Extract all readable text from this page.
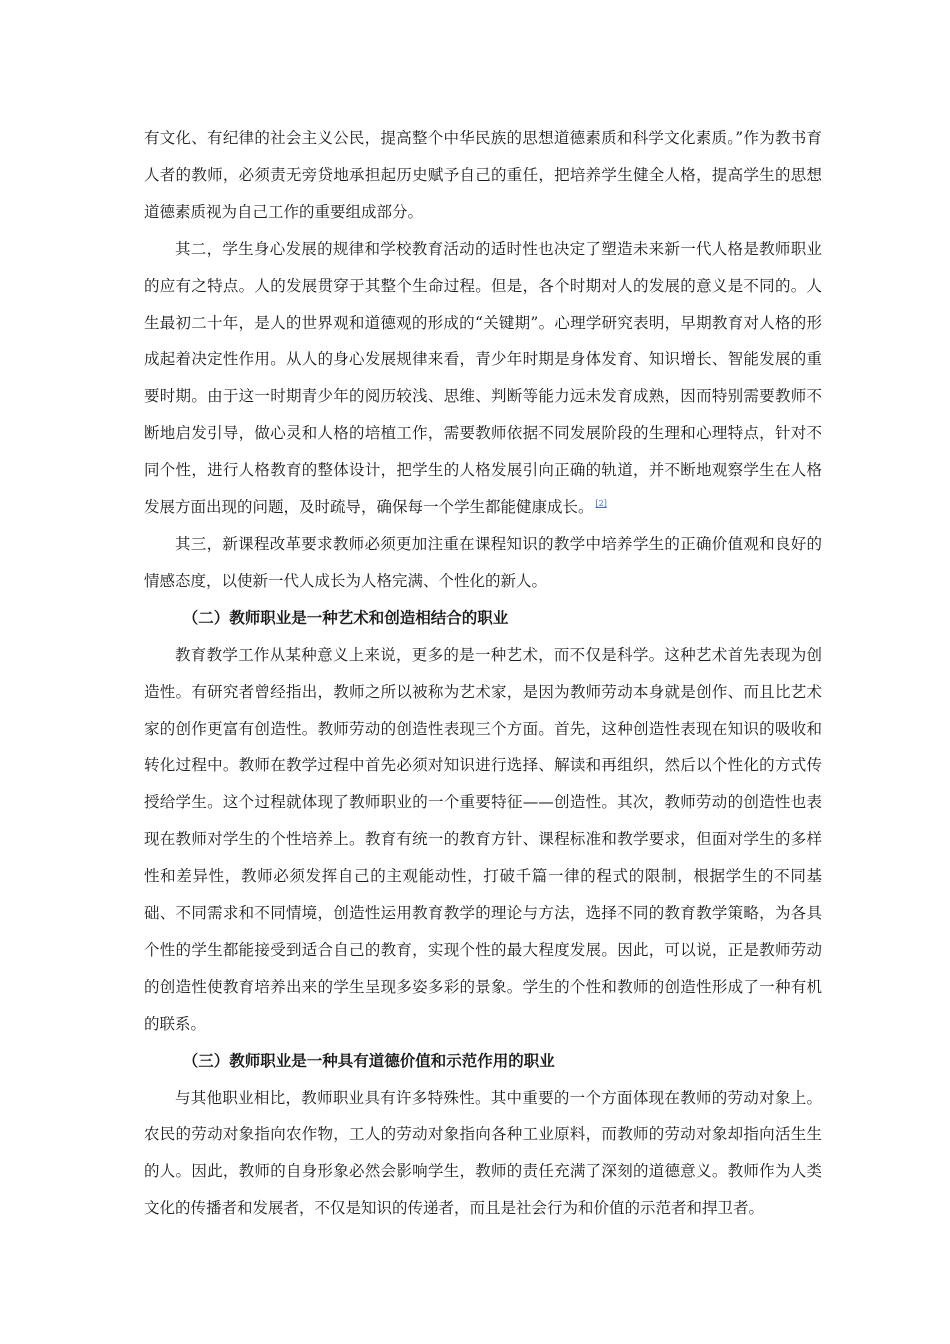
有文化、有纪律的社会主义公民，提高整个中华民族的思想道德素质和科学文化素质。”作为教书育人者的教师，必须责无旁贷地承担起历史赋予自己的重任，把培养学生健全人格，提高学生的思想道德素质视为自己工作的重要组成部分。

其二，学生身心发展的规律和学校教育活动的适时性也决定了塑造未来新一代人格是教师职业的应有之特点。人的发展贯穿于其整个生命过程。但是，各个时期对人的发展的意义是不同的。人生最初二十年，是人的世界观和道德观的形成的“关键期”。心理学研究表明，早期教育对人格的形成起着决定性作用。从人的身心发展规律来看，青少年时期是身体发育、知识增长、智能发展的重要时期。由于这一时期青少年的阅历较浅、思维、判断等能力远未发育成熟，因而特别需要教师不断地启发引导，做心灵和人格的培植工作，需要教师依据不同发展阶段的生理和心理特点，针对不同个性，进行人格教育的整体设计，把学生的人格发展引向正确的轨道，并不断地观察学生在人格发展方面出现的问题，及时疏导，确保每一个学生都能健康成长。 [2]

其三，新课程改革要求教师必须更加注重在课程知识的教学中培养学生的正确价值观和良好的情感态度，以使新一代人成长为人格完满、个性化的新人。

（二）教师职业是一种艺术和创造相结合的职业

教育教学工作从某种意义上来说，更多的是一种艺术，而不仅是科学。这种艺术首先表现为创造性。有研究者曾经指出，教师之所以被称为艺术家，是因为教师劳动本身就是创作、而且比艺术家的创作更富有创造性。教师劳动的创造性表现三个方面。首先，这种创造性表现在知识的吸收和转化过程中。教师在教学过程中首先必须对知识进行选择、解读和再组织，然后以个性化的方式传授给学生。这个过程就体现了教师职业的一个重要特征——创造性。其次，教师劳动的创造性也表现在教师对学生的个性培养上。教育有统一的教育方针、课程标准和教学要求，但面对学生的多样性和差异性，教师必须发挥自己的主观能动性，打破千篇一律的程式的限制，根据学生的不同基础、不同需求和不同情境，创造性运用教育教学的理论与方法，选择不同的教育教学策略，为各具个性的学生都能接受到适合自己的教育，实现个性的最大程度发展。因此，可以说，正是教师劳动的创造性使教育培养出来的学生呈现多姿多彩的景象。学生的个性和教师的创造性形成了一种有机的联系。

（三）教师职业是一种具有道德价值和示范作用的职业

与其他职业相比，教师职业具有许多特殊性。其中重要的一个方面体现在教师的劳动对象上。农民的劳动对象指向农作物，工人的劳动对象指向各种工业原料，而教师的劳动对象却指向活生生的人。因此，教师的自身形象必然会影响学生，教师的责任充满了深刻的道德意义。教师作为人类文化的传播者和发展者，不仅是知识的传递者，而且是社会行为和价值的示范者和捍卫者。
